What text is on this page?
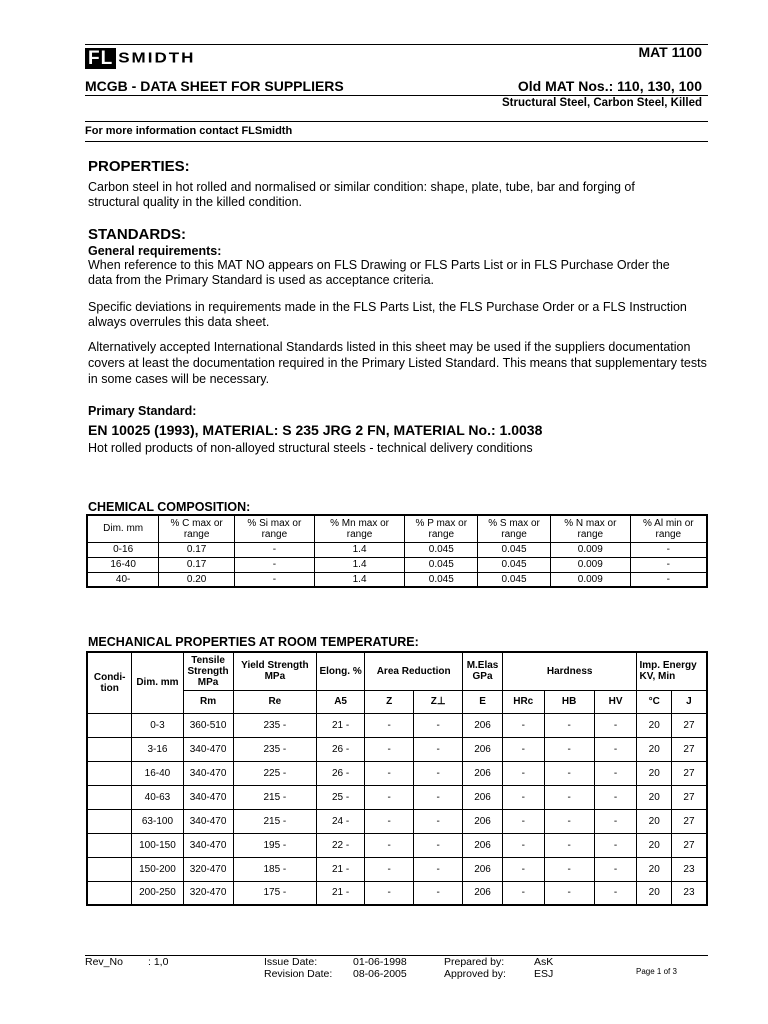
FL SMIDTH	MAT 1100
MCGB - DATA SHEET FOR SUPPLIERS	Old MAT Nos.: 110, 130, 100
Structural Steel, Carbon Steel, Killed
For more information contact FLSmidth
PROPERTIES:
Carbon steel in hot rolled and normalised or similar condition: shape, plate, tube, bar and forging of structural quality in the killed condition.
STANDARDS:
General requirements:
When reference to this MAT NO appears on FLS Drawing or FLS Parts List or in FLS Purchase Order the data from the Primary Standard is used as acceptance criteria.
Specific deviations in requirements made in the FLS Parts List, the FLS Purchase Order or a FLS Instruction always overrules this data sheet.
Alternatively accepted International Standards listed in this sheet may be used if the suppliers documentation covers at least the documentation required in the Primary Listed Standard. This means that supplementary tests in some cases will be necessary.
Primary Standard:
EN 10025 (1993), MATERIAL: S 235 JRG 2 FN, MATERIAL No.: 1.0038
Hot rolled products of non-alloyed structural steels - technical delivery conditions
CHEMICAL COMPOSITION:
Dim. mm	% C max or range	% Si max or range	% Mn max or range	% P max or range	% S max or range	% N max or range	% Al min or range
0-16	0.17	-	1.4	0.045	0.045	0.009	-
16-40	0.17	-	1.4	0.045	0.045	0.009	-
40-	0.20	-	1.4	0.045	0.045	0.009	-
MECHANICAL PROPERTIES AT ROOM TEMPERATURE:
Condi- tion	Dim. mm	Tensile Strength MPa	Yield Strength MPa	Elong. %	Area Reduction		M.Elas GPa	Hardness			Imp. Energy KV, Min	
		Rm	Re	A5	Z	Z⊥	E	HRc	HB	HV	°C	J
	0-3	360-510	235 -	21 -	-	-	206	-	-	-	20	27
	3-16	340-470	235 -	26 -	-	-	206	-	-	-	20	27
	16-40	340-470	225 -	26 -	-	-	206	-	-	-	20	27
	40-63	340-470	215 -	25 -	-	-	206	-	-	-	20	27
	63-100	340-470	215 -	24 -	-	-	206	-	-	-	20	27
	100-150	340-470	195 -	22 -	-	-	206	-	-	-	20	27
	150-200	320-470	185 -	21 -	-	-	206	-	-	-	20	23
	200-250	320-470	175 -	21 -	-	-	206	-	-	-	20	23
Rev_No : 1,0	Issue Date:	01-06-1998
Revision Date: 08-06-2005
Prepared by:	AsK
Approved by:	ESJ	Page 1 of 3
